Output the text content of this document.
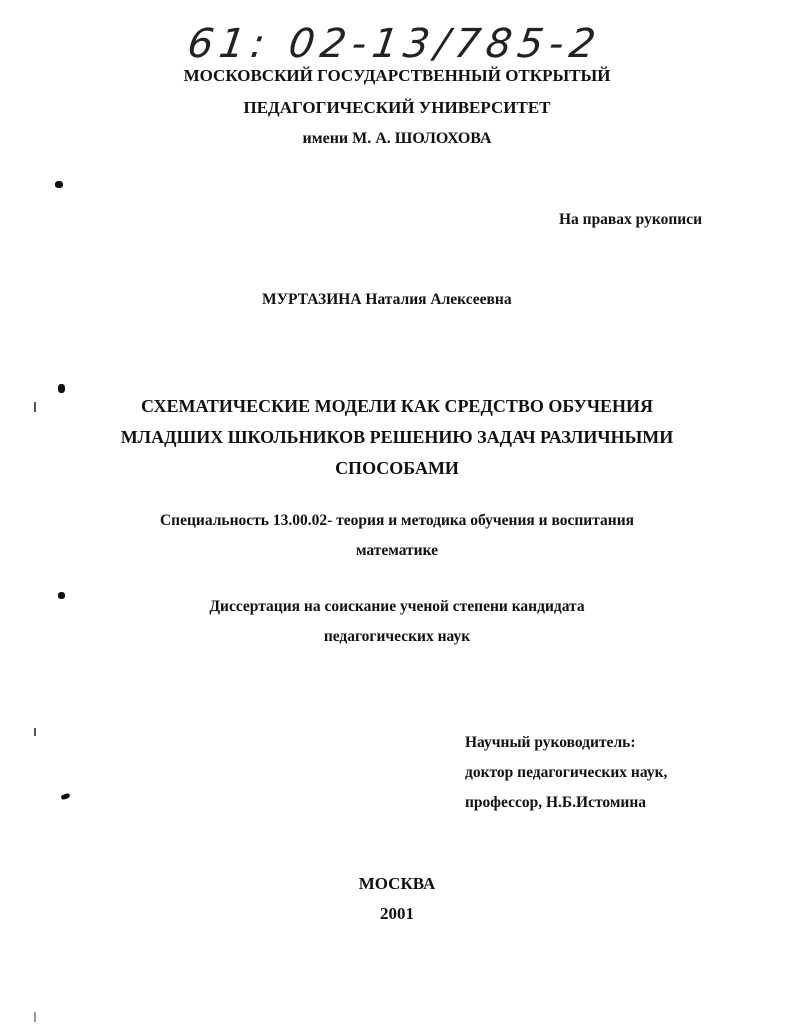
61: 02-13/785-2
МОСКОВСКИЙ ГОСУДАРСТВЕННЫЙ ОТКРЫТЫЙ
ПЕДАГОГИЧЕСКИЙ УНИВЕРСИТЕТ
имени М. А. ШОЛОХОВА
На правах рукописи
МУРТАЗИНА Наталия Алексеевна
СХЕМАТИЧЕСКИЕ МОДЕЛИ КАК СРЕДСТВО ОБУЧЕНИЯ
МЛАДШИХ ШКОЛЬНИКОВ РЕШЕНИЮ ЗАДАЧ РАЗЛИЧНЫМИ
СПОСОБАМИ
Специальность 13.00.02- теория и методика обучения и воспитания
математике
Диссертация на соискание ученой степени кандидата
педагогических наук
Научный руководитель:
доктор педагогических наук,
профессор, Н.Б.Истомина
МОСКВА
2001
